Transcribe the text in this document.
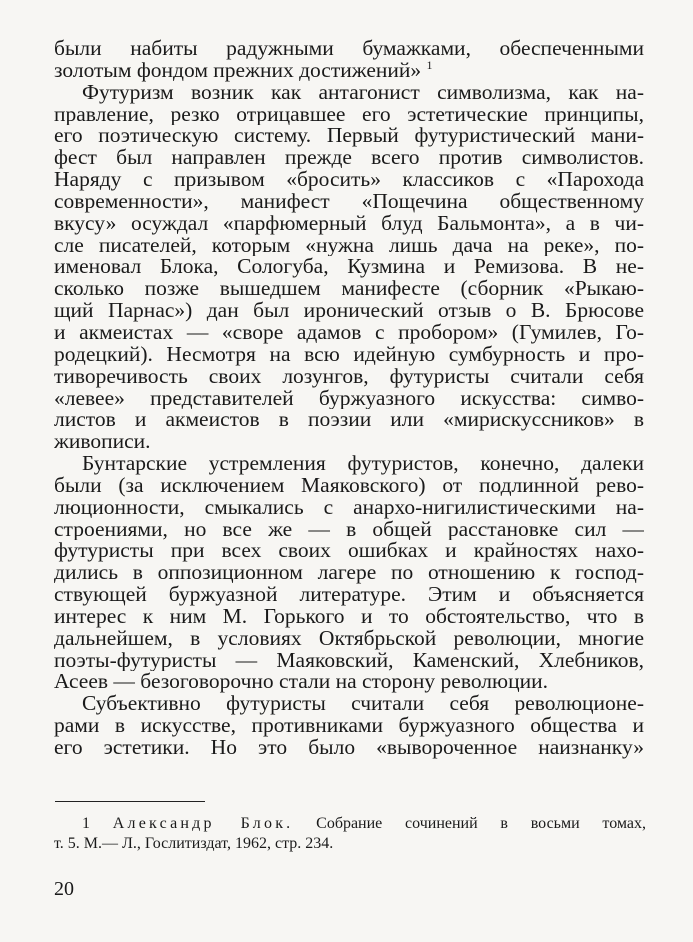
были набиты радужными бумажками, обеспеченными
золотым фондом прежних достижений» $^1$
Футуризм возник как антагонист символизма, как на-
правление, резко отрицавшее его эстетические принципы,
его поэтическую систему. Первый футуристический мани-
фест был направлен прежде всего против символистов.
Наряду с призывом «бросить» классиков с «Парохода
современности», манифест «Пощечина общественному
вкусу» осуждал «парфюмерный блуд Бальмонта», а в чи-
сле писателей, которым «нужна лишь дача на реке», по-
именовал Блока, Сологуба, Кузмина и Ремизова. В не-
сколько позже вышедшем манифесте (сборник «Рыкаю-
щий Парнас») дан был иронический отзыв о В. Брюсове
и акмеистах — «своре адамов с пробором» (Гумилев, Го-
родецкий). Несмотря на всю идейную сумбурность и про-
тиворечивость своих лозунгов, футуристы считали себя
«левее» представителей буржуазного искусства: симво-
листов и акмеистов в поэзии или «мирискуссников» в
живописи.
Бунтарские устремления футуристов, конечно, далеки
были (за исключением Маяковского) от подлинной рево-
люционности, смыкались с анархо-нигилистическими на-
строениями, но все же — в общей расстановке сил —
футуристы при всех своих ошибках и крайностях нахо-
дились в оппозиционном лагере по отношению к господ-
ствующей буржуазной литературе. Этим и объясняется
интерес к ним М. Горького и то обстоятельство, что в
дальнейшем, в условиях Октябрьской революции, многие
поэты-футуристы — Маяковский, Каменский, Хлебников,
Асеев — безоговорочно стали на сторону революции.
Субъективно футуристы считали себя революционе-
рами в искусстве, противниками буржуазного общества и
его эстетики. Но это было «вывороченное наизнанку»
1 Александр Блок. Собрание сочинений в восьми томах,
т. 5. М.— Л., Гослитиздат, 1962, стр. 234.
20
